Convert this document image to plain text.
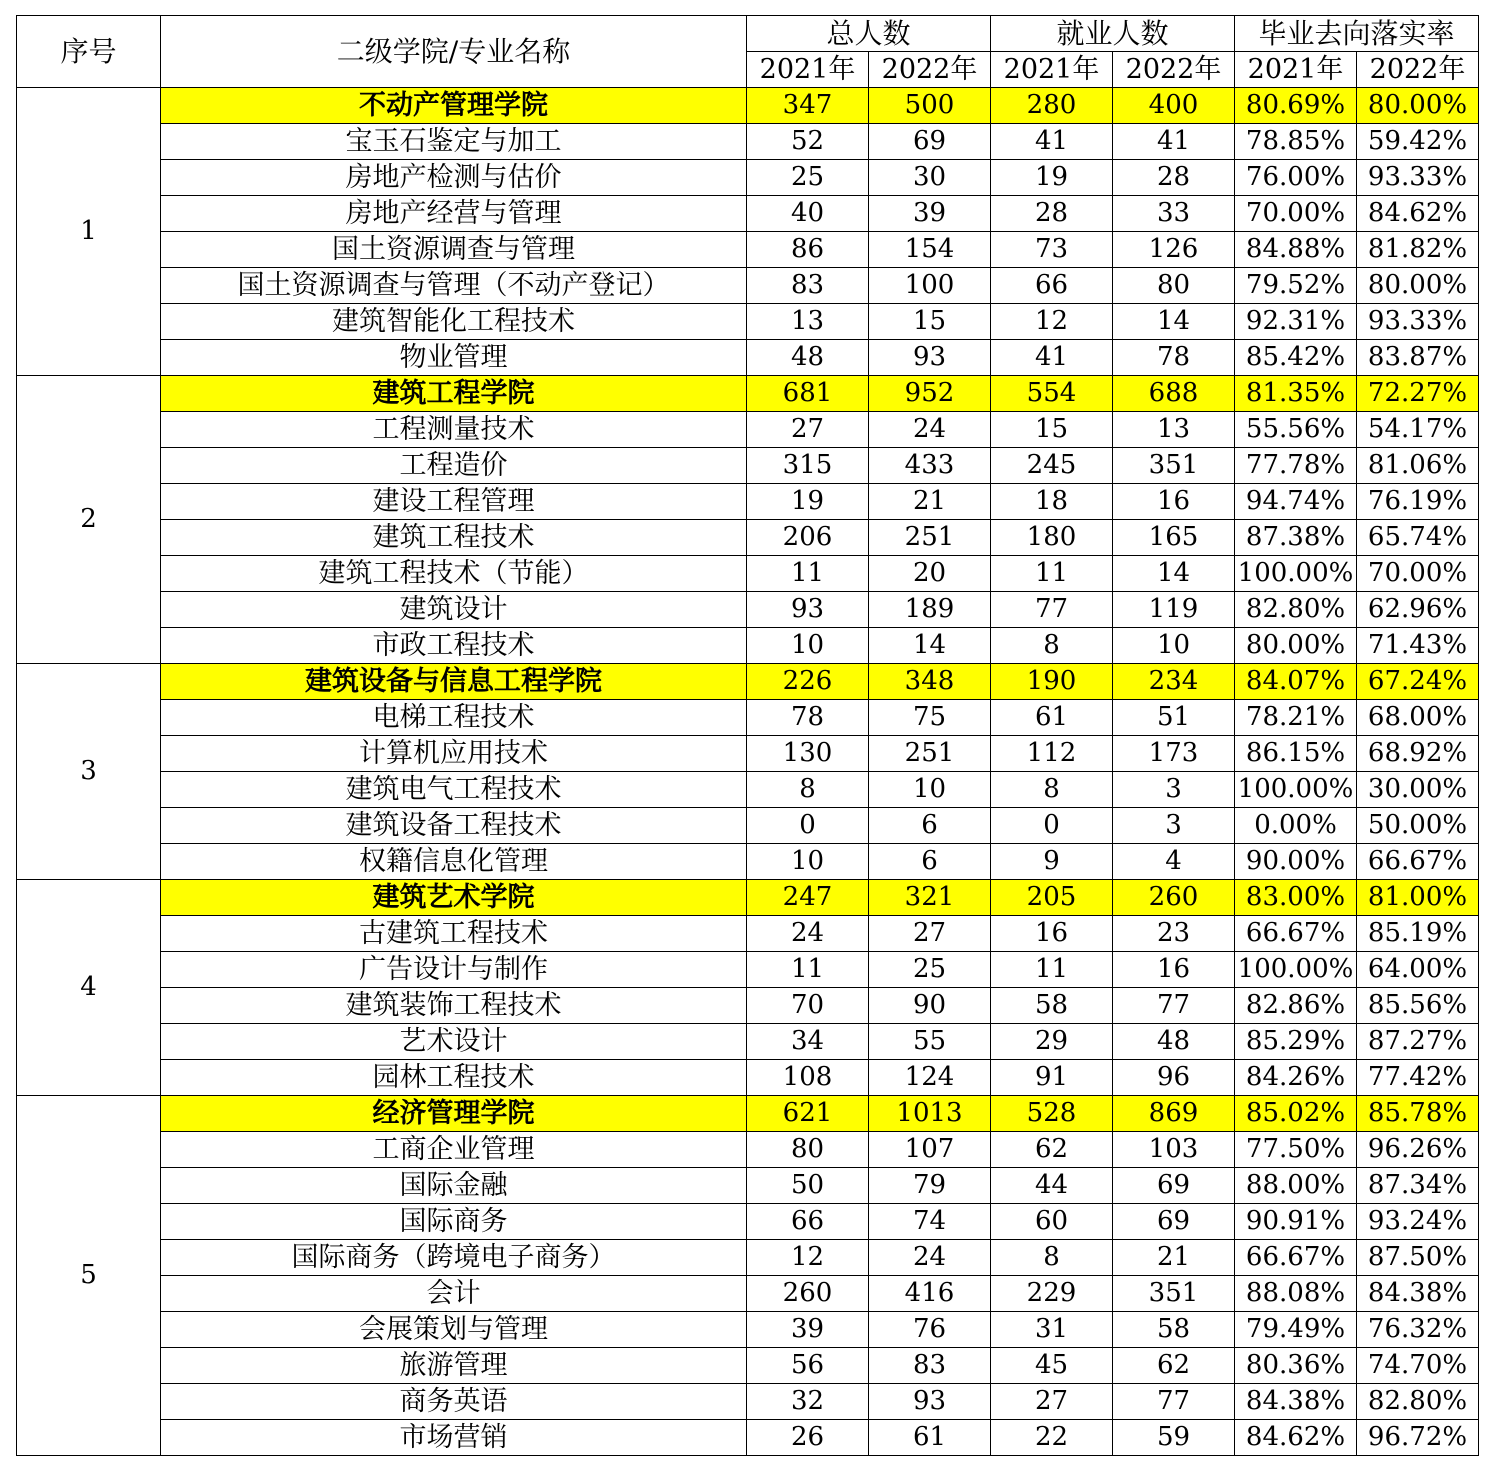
序号	二级学院/专业名称	总人数		就业人数		毕业去向落实率	
		2021年	2022年	2021年	2022年	2021年	2022年
1	不动产管理学院	347	500	280	400	80.69%	80.00%
	宝玉石鉴定与加工	52	69	41	41	78.85%	59.42%
	房地产检测与估价	25	30	19	28	76.00%	93.33%
	房地产经营与管理	40	39	28	33	70.00%	84.62%
	国土资源调查与管理	86	154	73	126	84.88%	81.82%
	国土资源调查与管理（不动产登记）	83	100	66	80	79.52%	80.00%
	建筑智能化工程技术	13	15	12	14	92.31%	93.33%
	物业管理	48	93	41	78	85.42%	83.87%
2	建筑工程学院	681	952	554	688	81.35%	72.27%
	工程测量技术	27	24	15	13	55.56%	54.17%
	工程造价	315	433	245	351	77.78%	81.06%
	建设工程管理	19	21	18	16	94.74%	76.19%
	建筑工程技术	206	251	180	165	87.38%	65.74%
	建筑工程技术（节能）	11	20	11	14	100.00%	70.00%
	建筑设计	93	189	77	119	82.80%	62.96%
	市政工程技术	10	14	8	10	80.00%	71.43%
3	建筑设备与信息工程学院	226	348	190	234	84.07%	67.24%
	电梯工程技术	78	75	61	51	78.21%	68.00%
	计算机应用技术	130	251	112	173	86.15%	68.92%
	建筑电气工程技术	8	10	8	3	100.00%	30.00%
	建筑设备工程技术	0	6	0	3	0.00%	50.00%
	权籍信息化管理	10	6	9	4	90.00%	66.67%
4	建筑艺术学院	247	321	205	260	83.00%	81.00%
	古建筑工程技术	24	27	16	23	66.67%	85.19%
	广告设计与制作	11	25	11	16	100.00%	64.00%
	建筑装饰工程技术	70	90	58	77	82.86%	85.56%
	艺术设计	34	55	29	48	85.29%	87.27%
	园林工程技术	108	124	91	96	84.26%	77.42%
5	经济管理学院	621	1013	528	869	85.02%	85.78%
	工商企业管理	80	107	62	103	77.50%	96.26%
	国际金融	50	79	44	69	88.00%	87.34%
	国际商务	66	74	60	69	90.91%	93.24%
	国际商务（跨境电子商务）	12	24	8	21	66.67%	87.50%
	会计	260	416	229	351	88.08%	84.38%
	会展策划与管理	39	76	31	58	79.49%	76.32%
	旅游管理	56	83	45	62	80.36%	74.70%
	商务英语	32	93	27	77	84.38%	82.80%
	市场营销	26	61	22	59	84.62%	96.72%
